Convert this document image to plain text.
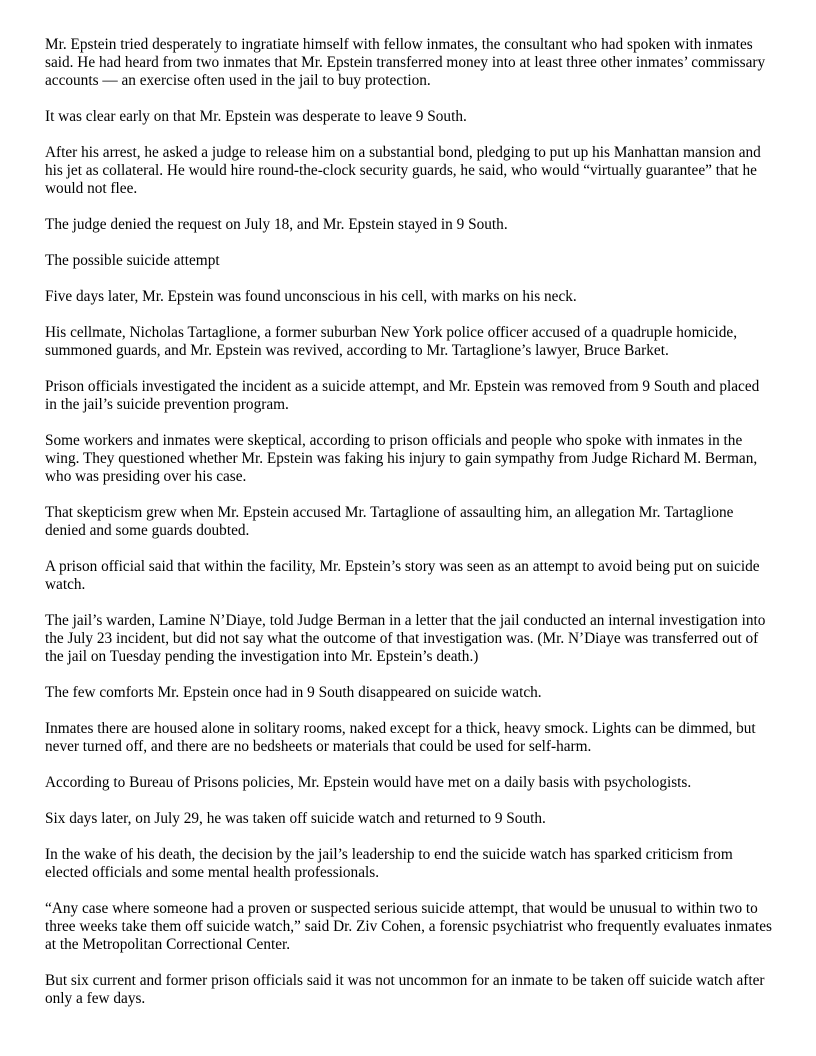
Mr. Epstein tried desperately to ingratiate himself with fellow inmates, the consultant who had spoken with inmates said. He had heard from two inmates that Mr. Epstein transferred money into at least three other inmates’ commissary accounts — an exercise often used in the jail to buy protection.

It was clear early on that Mr. Epstein was desperate to leave 9 South.

After his arrest, he asked a judge to release him on a substantial bond, pledging to put up his Manhattan mansion and his jet as collateral. He would hire round-the-clock security guards, he said, who would “virtually guarantee” that he would not flee.

The judge denied the request on July 18, and Mr. Epstein stayed in 9 South.

The possible suicide attempt

Five days later, Mr. Epstein was found unconscious in his cell, with marks on his neck.

His cellmate, Nicholas Tartaglione, a former suburban New York police officer accused of a quadruple homicide, summoned guards, and Mr. Epstein was revived, according to Mr. Tartaglione’s lawyer, Bruce Barket.

Prison officials investigated the incident as a suicide attempt, and Mr. Epstein was removed from 9 South and placed in the jail’s suicide prevention program.

Some workers and inmates were skeptical, according to prison officials and people who spoke with inmates in the wing. They questioned whether Mr. Epstein was faking his injury to gain sympathy from Judge Richard M. Berman, who was presiding over his case.

That skepticism grew when Mr. Epstein accused Mr. Tartaglione of assaulting him, an allegation Mr. Tartaglione denied and some guards doubted.

A prison official said that within the facility, Mr. Epstein’s story was seen as an attempt to avoid being put on suicide watch.

The jail’s warden, Lamine N’Diaye, told Judge Berman in a letter that the jail conducted an internal investigation into the July 23 incident, but did not say what the outcome of that investigation was. (Mr. N’Diaye was transferred out of the jail on Tuesday pending the investigation into Mr. Epstein’s death.)

The few comforts Mr. Epstein once had in 9 South disappeared on suicide watch.

Inmates there are housed alone in solitary rooms, naked except for a thick, heavy smock. Lights can be dimmed, but never turned off, and there are no bedsheets or materials that could be used for self-harm.

According to Bureau of Prisons policies, Mr. Epstein would have met on a daily basis with psychologists.

Six days later, on July 29, he was taken off suicide watch and returned to 9 South.

In the wake of his death, the decision by the jail’s leadership to end the suicide watch has sparked criticism from elected officials and some mental health professionals.

“Any case where someone had a proven or suspected serious suicide attempt, that would be unusual to within two to three weeks take them off suicide watch,” said Dr. Ziv Cohen, a forensic psychiatrist who frequently evaluates inmates at the Metropolitan Correctional Center.

But six current and former prison officials said it was not uncommon for an inmate to be taken off suicide watch after only a few days.
